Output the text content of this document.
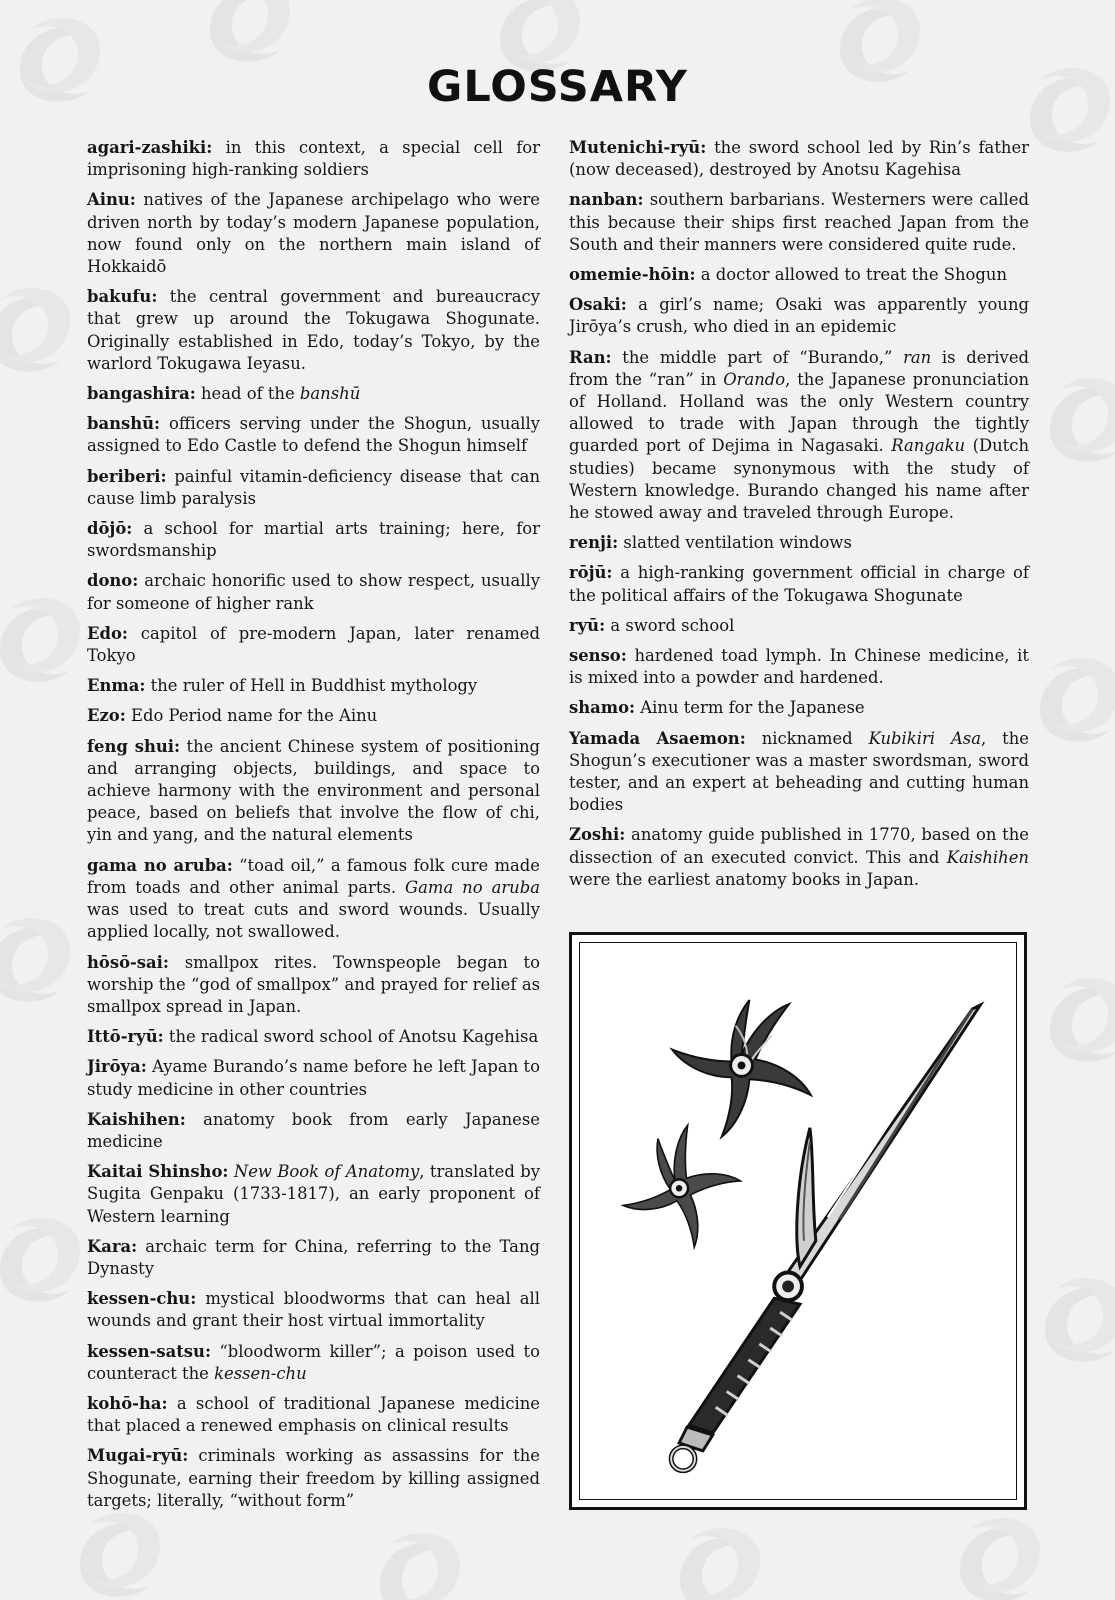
GLOSSARY

agari-zashiki: in this context, a special cell for imprisoning high-ranking soldiers

Ainu: natives of the Japanese archipelago who were driven north by today’s modern Japanese population, now found only on the northern main island of Hokkaidō

bakufu: the central government and bureaucracy that grew up around the Tokugawa Shogunate. Originally established in Edo, today’s Tokyo, by the warlord Tokugawa Ieyasu.

bangashira: head of the banshū

banshū: officers serving under the Shogun, usually assigned to Edo Castle to defend the Shogun himself

beriberi: painful vitamin-deficiency disease that can cause limb paralysis

dōjō: a school for martial arts training; here, for swordsmanship

dono: archaic honorific used to show respect, usually for someone of higher rank

Edo: capitol of pre-modern Japan, later renamed Tokyo

Enma: the ruler of Hell in Buddhist mythology

Ezo: Edo Period name for the Ainu

feng shui: the ancient Chinese system of positioning and arranging objects, buildings, and space to achieve harmony with the environment and personal peace, based on beliefs that involve the flow of chi, yin and yang, and the natural elements

gama no aruba: “toad oil,” a famous folk cure made from toads and other animal parts. Gama no aruba was used to treat cuts and sword wounds. Usually applied locally, not swallowed.

hōsō-sai: smallpox rites. Townspeople began to worship the “god of smallpox” and prayed for relief as smallpox spread in Japan.

Ittō-ryū: the radical sword school of Anotsu Kagehisa

Jirōya: Ayame Burando’s name before he left Japan to study medicine in other countries

Kaishihen: anatomy book from early Japanese medicine

Kaitai Shinsho: New Book of Anatomy, translated by Sugita Genpaku (1733-1817), an early proponent of Western learning

Kara: archaic term for China, referring to the Tang Dynasty

kessen-chu: mystical bloodworms that can heal all wounds and grant their host virtual immortality

kessen-satsu: “bloodworm killer”; a poison used to counteract the kessen-chu

kohō-ha: a school of traditional Japanese medicine that placed a renewed emphasis on clinical results

Mugai-ryū: criminals working as assassins for the Shogunate, earning their freedom by killing assigned targets; literally, “without form”

Mutenichi-ryū: the sword school led by Rin’s father (now deceased), destroyed by Anotsu Kagehisa

nanban: southern barbarians. Westerners were called this because their ships first reached Japan from the South and their manners were considered quite rude.

omemie-hōin: a doctor allowed to treat the Shogun

Osaki: a girl’s name; Osaki was apparently young Jirōya’s crush, who died in an epidemic

Ran: the middle part of “Burando,” ran is derived from the “ran” in Orando, the Japanese pronunciation of Holland. Holland was the only Western country allowed to trade with Japan through the tightly guarded port of Dejima in Nagasaki. Rangaku (Dutch studies) became synonymous with the study of Western knowledge. Burando changed his name after he stowed away and traveled through Europe.

renji: slatted ventilation windows

rōjū: a high-ranking government official in charge of the political affairs of the Tokugawa Shogunate

ryū: a sword school

senso: hardened toad lymph. In Chinese medicine, it is mixed into a powder and hardened.

shamo: Ainu term for the Japanese

Yamada Asaemon: nicknamed Kubikiri Asa, the Shogun’s executioner was a master swordsman, sword tester, and an expert at beheading and cutting human bodies

Zoshi: anatomy guide published in 1770, based on the dissection of an executed convict. This and Kaishihen were the earliest anatomy books in Japan.
